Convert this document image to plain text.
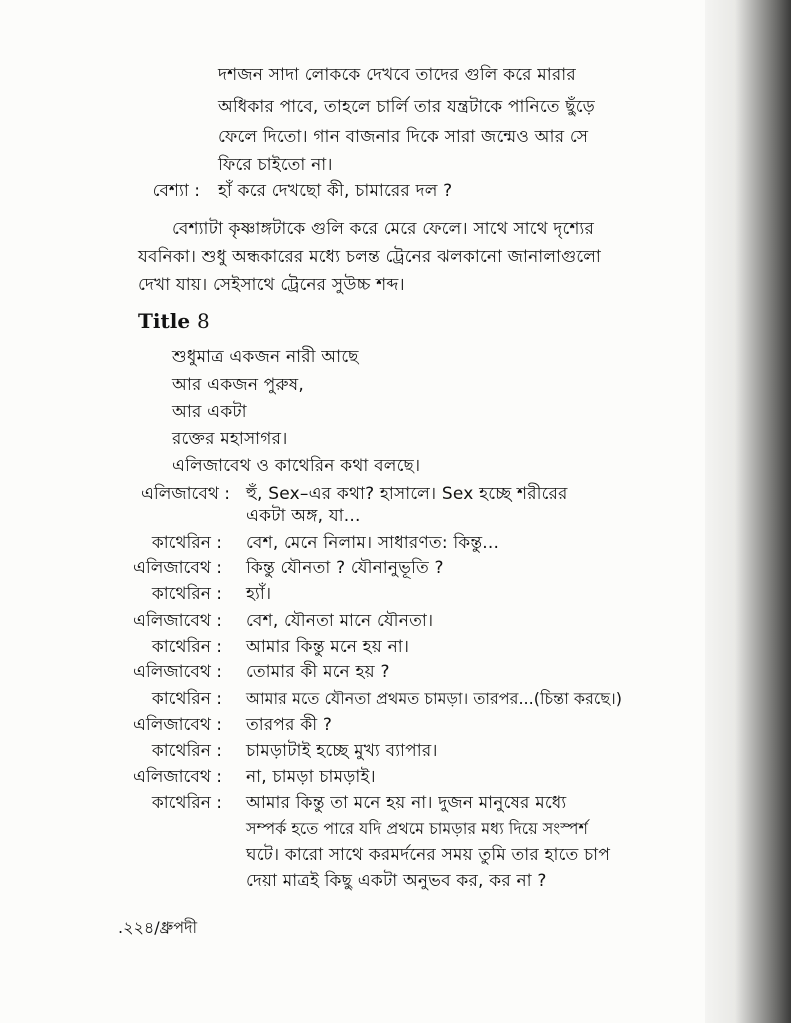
দশজন সাদা লোককে দেখবে তাদের গুলি করে মারার
অধিকার পাবে, তাহলে চার্লি তার যন্ত্রটাকে পানিতে ছুঁড়ে
ফেলে দিতো। গান বাজনার দিকে সারা জন্মেও আর সে
ফিরে চাইতো না।
বেশ্যা : হাঁ করে দেখছো কী, চামারের দল ?
বেশ্যাটা কৃষ্ণাঙ্গটাকে গুলি করে মেরে ফেলে। সাথে সাথে দৃশ্যের
যবনিকা। শুধু অন্ধকারের মধ্যে চলন্ত ট্রেনের ঝলকানো জানালাগুলো
দেখা যায়। সেইসাথে ট্রেনের সুউচ্চ শব্দ।
Title 8
শুধুমাত্র একজন নারী আছে
আর একজন পুরুষ,
আর একটা
রক্তের মহাসাগর।
এলিজাবেথ ও কাথেরিন কথা বলছে।
এলিজাবেথ : হুঁ, Sex–এর কথা? হাসালে। Sex হচ্ছে শরীরের
একটা অঙ্গ, যা...
কাথেরিন : বেশ, মেনে নিলাম। সাধারণত: কিন্তু...
এলিজাবেথ : কিন্তু যৌনতা ? যৌনানুভূতি ?
কাথেরিন : হ্যাঁ।
এলিজাবেথ : বেশ, যৌনতা মানে যৌনতা।
কাথেরিন : আমার কিন্তু মনে হয় না।
এলিজাবেথ : তোমার কী মনে হয় ?
কাথেরিন : আমার মতে যৌনতা প্রথমত চামড়া। তারপর...(চিন্তা করছে।)
এলিজাবেথ : তারপর কী ?
কাথেরিন : চামড়াটাই হচ্ছে মুখ্য ব্যাপার।
এলিজাবেথ : না, চামড়া চামড়াই।
কাথেরিন : আমার কিন্তু তা মনে হয় না। দুজন মানুষের মধ্যে
সম্পর্ক হতে পারে যদি প্রথমে চামড়ার মধ্য দিয়ে সংস্পর্শ
ঘটে। কারো সাথে করমর্দনের সময় তুমি তার হাতে চাপ
দেয়া মাত্রই কিছু একটা অনুভব কর, কর না ?
.২২৪/ধ্রুপদী
